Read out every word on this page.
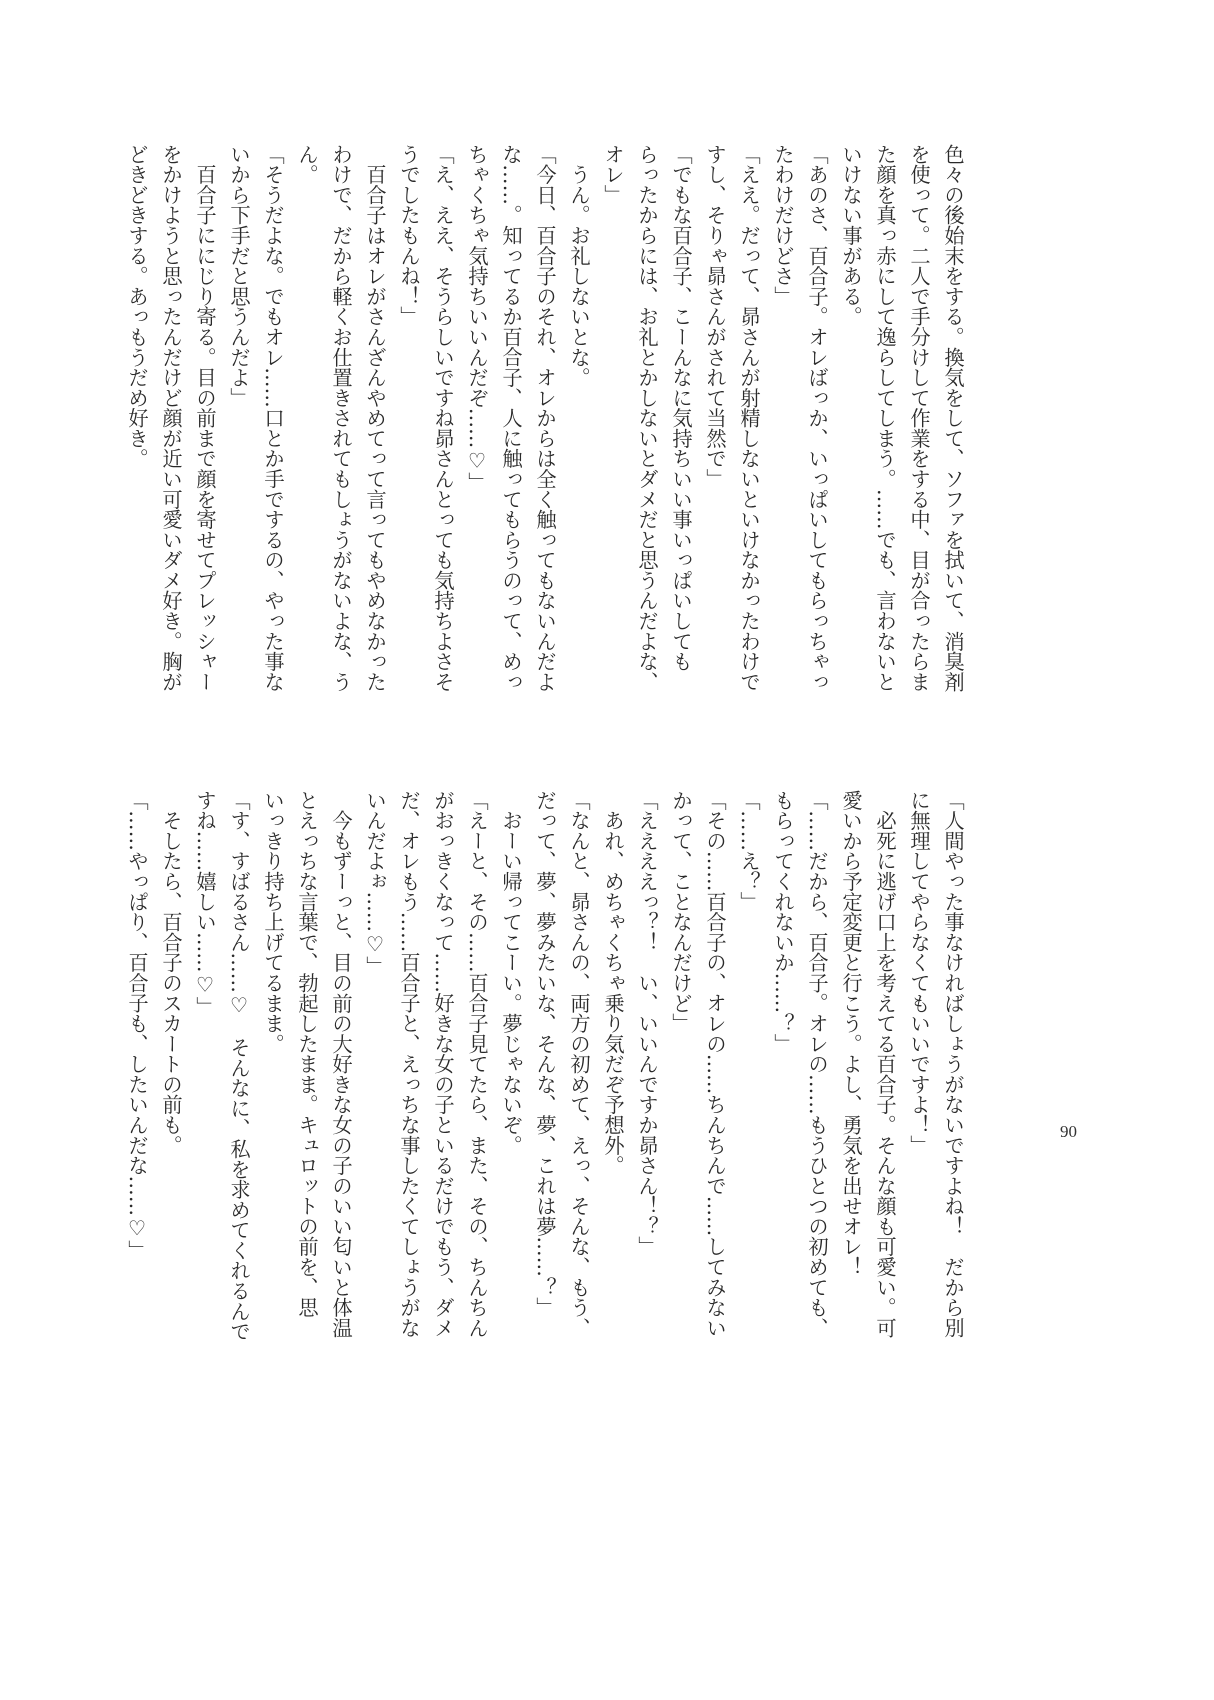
色々の後始末をする。換気をして、ソファを拭いて、消臭剤
を使って。二人で手分けして作業をする中、目が合ったらま
た顔を真っ赤にして逸らしてしまう。……でも、言わないと
いけない事がある。
「あのさ、百合子。オレばっか、いっぱいしてもらっちゃっ
たわけだけどさ」
「ええ。だって、昴さんが射精しないといけなかったわけで
すし、そりゃ昴さんがされて当然で」
「でもな百合子、こーんなに気持ちいい事いっぱいしても
らったからには、お礼とかしないとダメだと思うんだよな、
オレ」
　うん。お礼しないとな。
「今日、百合子のそれ、オレからは全く触ってもないんだよ
な……。知ってるか百合子、人に触ってもらうのって、めっ
ちゃくちゃ気持ちいいんだぞ……♡」
「え、ええ、そうらしいですね昴さんとっても気持ちよさそ
うでしたもんね！」
　百合子はオレがさんざんやめてって言ってもやめなかった
わけで、だから軽くお仕置きされてもしょうがないよな、う
ん。
「そうだよな。でもオレ……口とか手でするの、やった事な
いから下手だと思うんだよ」
　百合子ににじり寄る。目の前まで顔を寄せてプレッシャー
をかけようと思ったんだけど顔が近い可愛いダメ好き。胸が
どきどきする。あっもうだめ好き。
「人間やった事なければしょうがないですよね！　だから別
に無理してやらなくてもいいですよ！」
　必死に逃げ口上を考えてる百合子。そんな顔も可愛い。可
愛いから予定変更と行こう。よし、勇気を出せオレ！
「……だから、百合子。オレの……もうひとつの初めても、
もらってくれないか……？」
「……え？」
「その……百合子の、オレの……ちんちんで……してみない
かって、ことなんだけど」
「ええええっ？！　い、いいんですか昴さん！？」
　あれ、めちゃくちゃ乗り気だぞ予想外。
「なんと、昴さんの、両方の初めて、えっ、そんな、もう、
だって、夢、夢みたいな、そんな、夢、これは夢……？」
　おーい帰ってこーい。夢じゃないぞ。
「えーと、その……百合子見てたら、また、その、ちんちん
がおっきくなって……好きな女の子といるだけでもう、ダメ
だ、オレもう……百合子と、えっちな事したくてしょうがな
いんだよぉ……♡」
　今もずーっと、目の前の大好きな女の子のいい匂いと体温
とえっちな言葉で、勃起したまま。キュロットの前を、思
いっきり持ち上げてるまま。
「す、すばるさん……♡　そんなに、私を求めてくれるんで
すね……嬉しい……♡」
　そしたら、百合子のスカートの前も。
「……やっぱり、百合子も、したいんだな……♡」	90
